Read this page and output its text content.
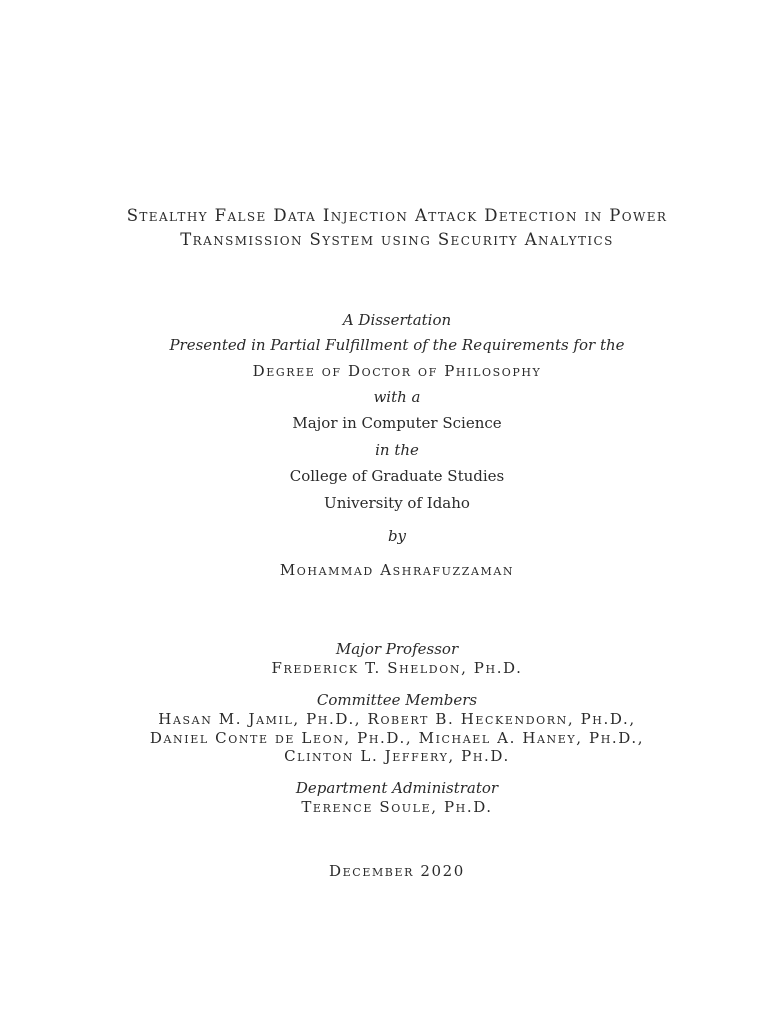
Stealthy False Data Injection Attack Detection in Power
Transmission System using Security Analytics
A Dissertation
Presented in Partial Fulfillment of the Requirements for the
Degree of Doctor of Philosophy
with a
Major in Computer Science
in the
College of Graduate Studies
University of Idaho
by
Mohammad Ashrafuzzaman
Major Professor
Frederick T. Sheldon, Ph.D.
Committee Members
Hasan M. Jamil, Ph.D., Robert B. Heckendorn, Ph.D.,
Daniel Conte de Leon, Ph.D., Michael A. Haney, Ph.D.,
Clinton L. Jeffery, Ph.D.
Department Administrator
Terence Soule, Ph.D.
December 2020
